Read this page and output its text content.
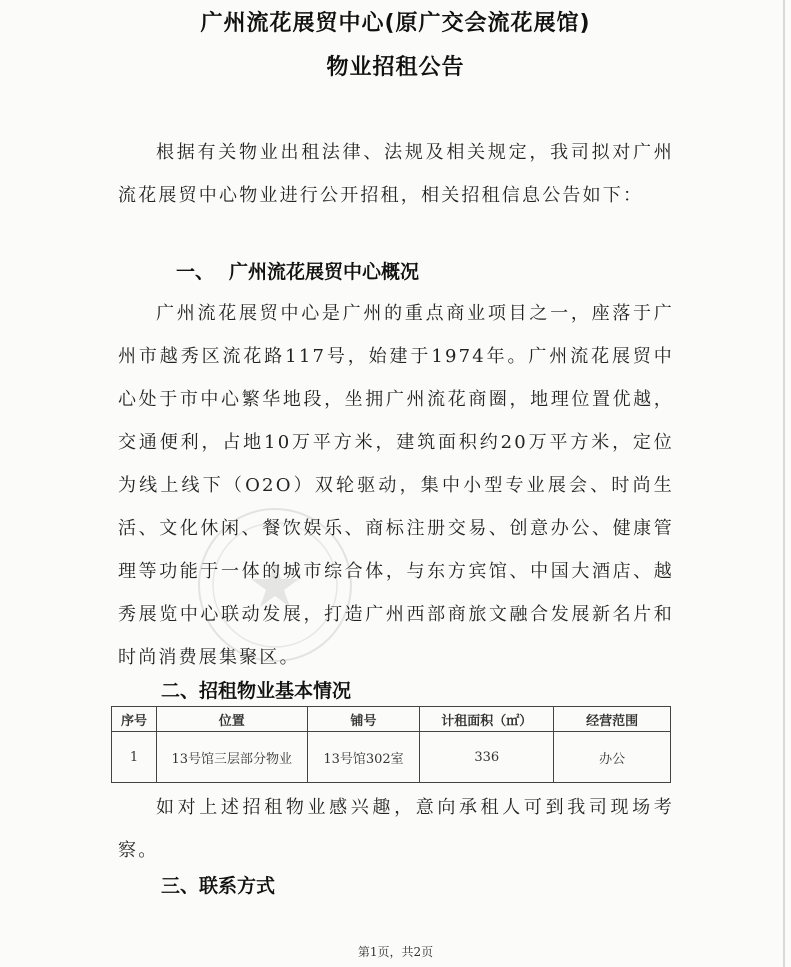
广州流花展贸中心(原广交会流花展馆)
物业招租公告
根据有关物业出租法律、法规及相关规定，我司拟对广州流花展贸中心物业进行公开招租，相关招租信息公告如下：
一、 广州流花展贸中心概况
广州流花展贸中心是广州的重点商业项目之一，座落于广州市越秀区流花路117号，始建于1974年。广州流花展贸中心处于市中心繁华地段，坐拥广州流花商圈，地理位置优越，交通便利，占地10万平方米，建筑面积约20万平方米，定位为线上线下（O2O）双轮驱动，集中小型专业展会、时尚生活、文化休闲、餐饮娱乐、商标注册交易、创意办公、健康管理等功能于一体的城市综合体，与东方宾馆、中国大酒店、越秀展览中心联动发展，打造广州西部商旅文融合发展新名片和时尚消费展集聚区。
二、招租物业基本情况
序号	位置	铺号	计租面积（㎡）	经营范围
1	13号馆三层部分物业	13号馆302室	336	办公
如对上述招租物业感兴趣，意向承租人可到我司现场考察。
三、联系方式
第1页，共2页
